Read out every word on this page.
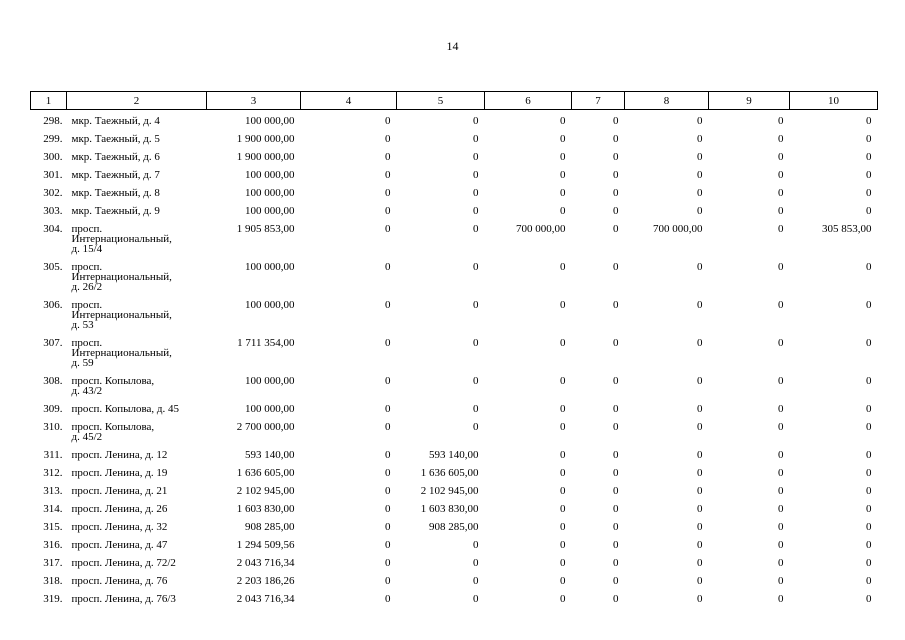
14
1	2	3	4	5	6	7	8	9	10
298.	мкр. Таежный, д. 4	100 000,00	0	0	0	0	0	0	0
299.	мкр. Таежный, д. 5	1 900 000,00	0	0	0	0	0	0	0
300.	мкр. Таежный, д. 6	1 900 000,00	0	0	0	0	0	0	0
301.	мкр. Таежный, д. 7	100 000,00	0	0	0	0	0	0	0
302.	мкр. Таежный, д. 8	100 000,00	0	0	0	0	0	0	0
303.	мкр. Таежный, д. 9	100 000,00	0	0	0	0	0	0	0
304.	просп.
Интернациональный,
д. 15/4	1 905 853,00	0	0	700 000,00	0	700 000,00	0	305 853,00
305.	просп.
Интернациональный,
д. 26/2	100 000,00	0	0	0	0	0	0	0
306.	просп.
Интернациональный,
д. 53	100 000,00	0	0	0	0	0	0	0
307.	просп.
Интернациональный,
д. 59	1 711 354,00	0	0	0	0	0	0	0
308.	просп. Копылова,
д. 43/2	100 000,00	0	0	0	0	0	0	0
309.	просп. Копылова, д. 45	100 000,00	0	0	0	0	0	0	0
310.	просп. Копылова,
д. 45/2	2 700 000,00	0	0	0	0	0	0	0
311.	просп. Ленина, д. 12	593 140,00	0	593 140,00	0	0	0	0	0
312.	просп. Ленина, д. 19	1 636 605,00	0	1 636 605,00	0	0	0	0	0
313.	просп. Ленина, д. 21	2 102 945,00	0	2 102 945,00	0	0	0	0	0
314.	просп. Ленина, д. 26	1 603 830,00	0	1 603 830,00	0	0	0	0	0
315.	просп. Ленина, д. 32	908 285,00	0	908 285,00	0	0	0	0	0
316.	просп. Ленина, д. 47	1 294 509,56	0	0	0	0	0	0	0
317.	просп. Ленина, д. 72/2	2 043 716,34	0	0	0	0	0	0	0
318.	просп. Ленина, д. 76	2 203 186,26	0	0	0	0	0	0	0
319.	просп. Ленина, д. 76/3	2 043 716,34	0	0	0	0	0	0	0
